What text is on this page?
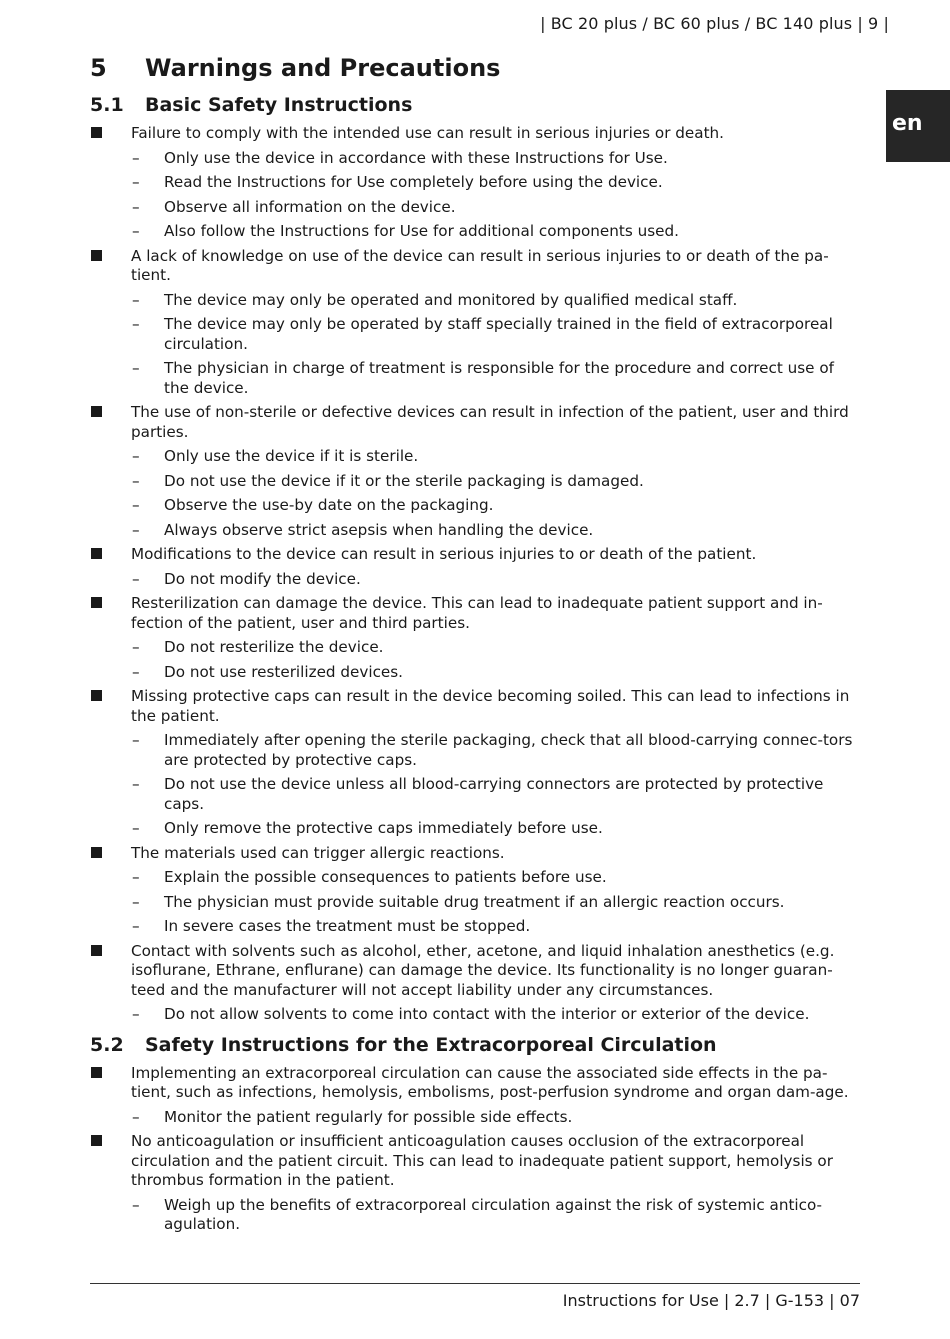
| BC 20 plus / BC 60 plus / BC 140 plus | 9 |
en
5	Warnings and Precautions
5.1	Basic Safety Instructions
Failure to comply with the intended use can result in serious injuries or death.
– Only use the device in accordance with these Instructions for Use.
– Read the Instructions for Use completely before using the device.
– Observe all information on the device.
– Also follow the Instructions for Use for additional components used.
A lack of knowledge on use of the device can result in serious injuries to or death of the pa-tient.
– The device may only be operated and monitored by qualified medical staff.
– The device may only be operated by staff specially trained in the field of extracorporeal circulation.
– The physician in charge of treatment is responsible for the procedure and correct use of the device.
The use of non-sterile or defective devices can result in infection of the patient, user and third parties.
– Only use the device if it is sterile.
– Do not use the device if it or the sterile packaging is damaged.
– Observe the use-by date on the packaging.
– Always observe strict asepsis when handling the device.
Modifications to the device can result in serious injuries to or death of the patient.
– Do not modify the device.
Resterilization can damage the device. This can lead to inadequate patient support and in-fection of the patient, user and third parties.
– Do not resterilize the device.
– Do not use resterilized devices.
Missing protective caps can result in the device becoming soiled. This can lead to infections in the patient.
– Immediately after opening the sterile packaging, check that all blood-carrying connec-tors are protected by protective caps.
– Do not use the device unless all blood-carrying connectors are protected by protective caps.
– Only remove the protective caps immediately before use.
The materials used can trigger allergic reactions.
– Explain the possible consequences to patients before use.
– The physician must provide suitable drug treatment if an allergic reaction occurs.
– In severe cases the treatment must be stopped.
Contact with solvents such as alcohol, ether, acetone, and liquid inhalation anesthetics (e.g. isoflurane, Ethrane, enflurane) can damage the device. Its functionality is no longer guaran-teed and the manufacturer will not accept liability under any circumstances.
– Do not allow solvents to come into contact with the interior or exterior of the device.
5.2	Safety Instructions for the Extracorporeal Circulation
Implementing an extracorporeal circulation can cause the associated side effects in the pa-tient, such as infections, hemolysis, embolisms, post-perfusion syndrome and organ dam-age.
– Monitor the patient regularly for possible side effects.
No anticoagulation or insufficient anticoagulation causes occlusion of the extracorporeal circulation and the patient circuit. This can lead to inadequate patient support, hemolysis or thrombus formation in the patient.
– Weigh up the benefits of extracorporeal circulation against the risk of systemic antico-agulation.
Instructions for Use | 2.7 | G-153 | 07
